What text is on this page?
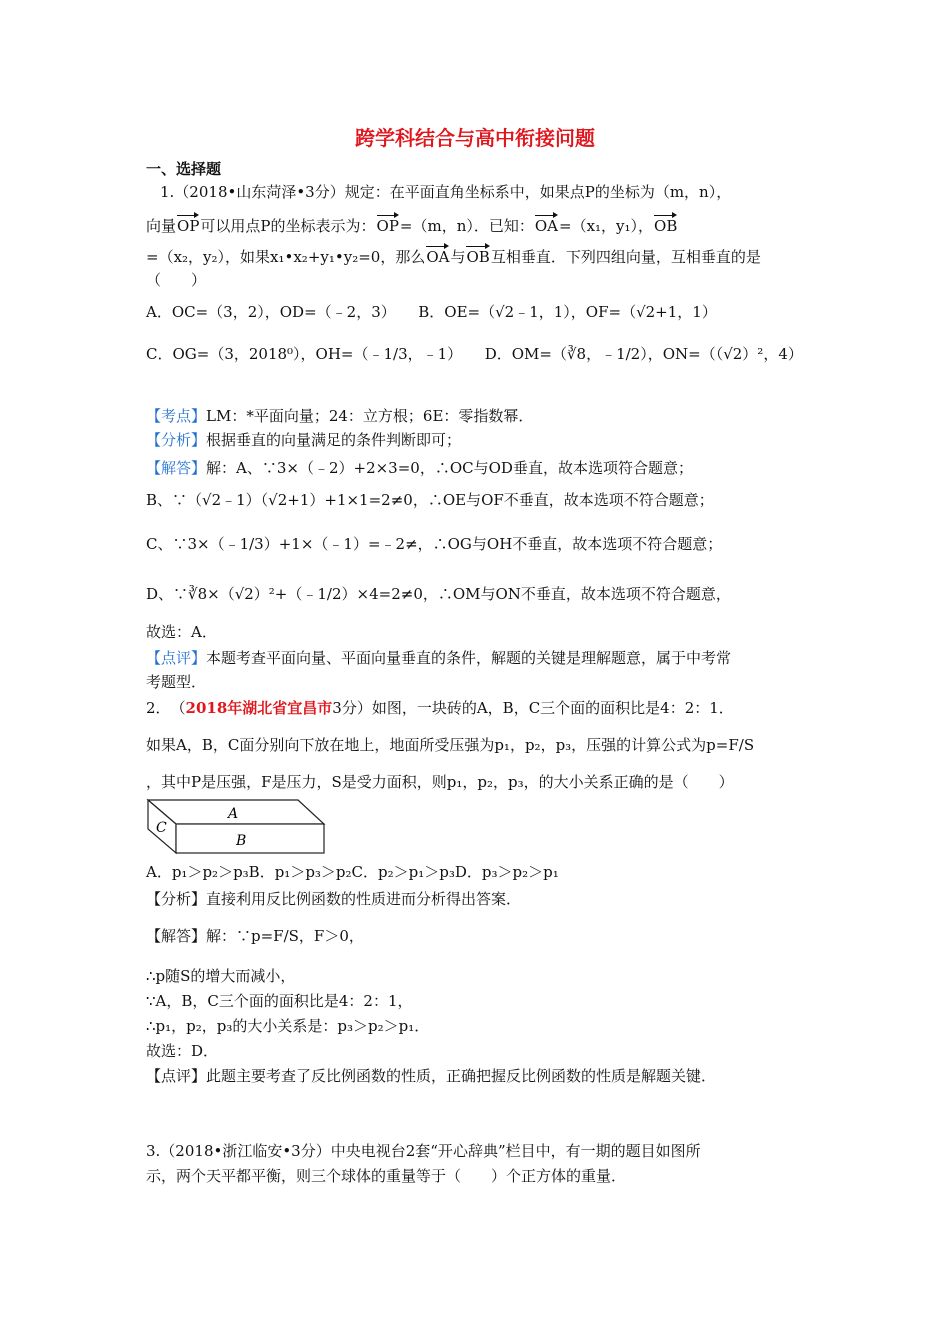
跨学科结合与高中衔接问题
一、选择题
1.（2018•山东菏泽•3分）规定：在平面直角坐标系中，如果点P的坐标为（m，n），
向量OP可以用点P的坐标表示为：OP=（m，n）．已知：OA=（x₁，y₁），OB
=（x₂，y₂），如果x₁•x₂+y₁•y₂=0，那么OA与OB互相垂直．下列四组向量，互相垂直的是
（　　）
A．OC=（3，2），OD=（﹣2，3）　　 B．OE=（√2﹣1，1），OF=（√2+1，1）
C．OG=（3，2018⁰），OH=（﹣1/3，﹣1）　　 D．OM=（∛8，﹣1/2），ON=（（√2）²，4）
【考点】LM：*平面向量；24：立方根；6E：零指数幂．
【分析】根据垂直的向量满足的条件判断即可；
【解答】解：A、∵3×（﹣2）+2×3=0，∴OC与OD垂直，故本选项符合题意；
B、∵（√2﹣1）（√2+1）+1×1=2≠0，∴OE与OF不垂直，故本选项不符合题意；
C、∵3×（﹣1/3）+1×（﹣1）=﹣2≠，∴OG与OH不垂直，故本选项不符合题意；
D、∵∛8×（√2）²+（﹣1/2）×4=2≠0，∴OM与ON不垂直，故本选项不符合题意，
故选：A．
【点评】本题考查平面向量、平面向量垂直的条件，解题的关键是理解题意，属于中考常
考题型．
2．　（2018年湖北省宜昌市3分）如图，一块砖的A，B，C三个面的面积比是4：2：1．
如果A，B，C面分别向下放在地上，地面所受压强为p₁，p₂，p₃，压强的计算公式为p=F/S
，其中P是压强，F是压力，S是受力面积，则p₁，p₂，p₃，的大小关系正确的是（　　）
A
B
C
A．p₁＞p₂＞p₃B．p₁＞p₃＞p₂C．p₂＞p₁＞p₃D．p₃＞p₂＞p₁
【分析】直接利用反比例函数的性质进而分析得出答案．
【解答】解：∵p=F/S，F＞0，
∴p随S的增大而减小，
∵A，B，C三个面的面积比是4：2：1，
∴p₁，p₂，p₃的大小关系是：p₃＞p₂＞p₁．
故选：D．
【点评】此题主要考查了反比例函数的性质，正确把握反比例函数的性质是解题关键．
3.（2018•浙江临安•3分）中央电视台2套“开心辞典”栏目中，有一期的题目如图所
示，两个天平都平衡，则三个球体的重量等于（　　）个正方体的重量．
